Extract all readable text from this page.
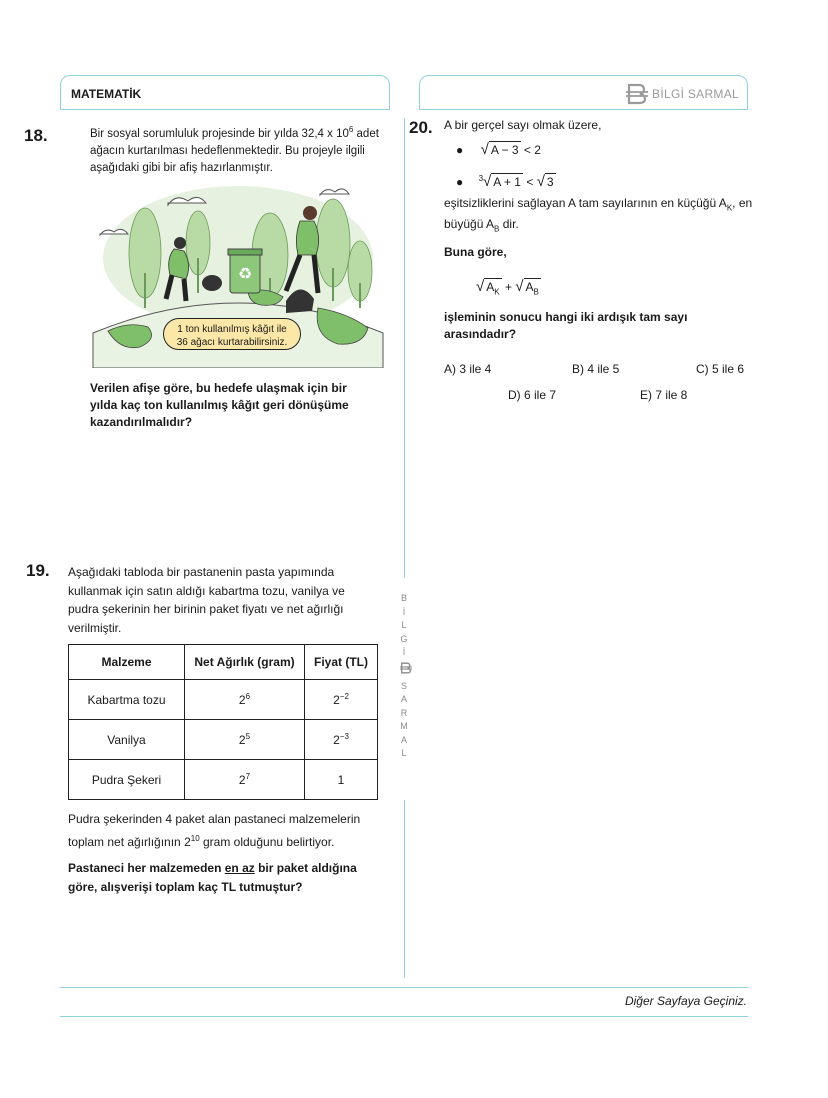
MATEMATİK	BİLGİ SARMAL
B
İ
L
G
İ
S
A
R
M
A
L
18.	Bir sosyal sorumluluk projesinde bir yılda 32,4 x $10^6$ adet
ağacın kurtarılması hedeflenmektedir. Bu projeyle ilgili
aşağıdaki gibi bir afiş hazırlanmıştır.
♻
1 ton kullanılmış kâğıt ile
36 ağacı kurtarabilirsiniz.
Verilen afişe göre, bu hedefe ulaşmak için bir
yılda kaç ton kullanılmış kâğıt geri dönüşüme
kazandırılmalıdır?
19. Aşağıdaki tabloda bir pastanenin pasta yapımında
kullanmak için satın aldığı kabartma tozu, vanilya ve
pudra şekerinin her birinin paket fiyatı ve net ağırlığı
verilmiştir.
Malzeme	Net Ağırlık (gram)	Fiyat (TL)
Kabartma tozu	$2^6$	$2^{-2}$
Vanilya	$2^5$	$2^{-3}$
Pudra Şekeri	$2^7$	1
Pudra şekerinden 4 paket alan pastaneci malzemelerin
toplam net ağırlığının $2^{10}$ gram olduğunu belirtiyor.
Pastaneci her malzemeden en az bir paket aldığına
göre, alışverişi toplam kaç TL tutmuştur?
20. A bir gerçel sayı olmak üzere,
● √ A − 3 < 2
● $^3$√ A + 1 < √ 3
eşitsizliklerini sağlayan A tam sayılarının en küçüğü $A_K$, en
büyüğü $A_B$ dir.
Buna göre,
√ $A_K$ + √ $A_B$
işleminin sonucu hangi iki ardışık tam sayı
arasındadır?
A) 3 ile 4	B) 4 ile 5	C) 5 ile 6
D) 6 ile 7	E) 7 ile 8
Diğer Sayfaya Geçiniz.
